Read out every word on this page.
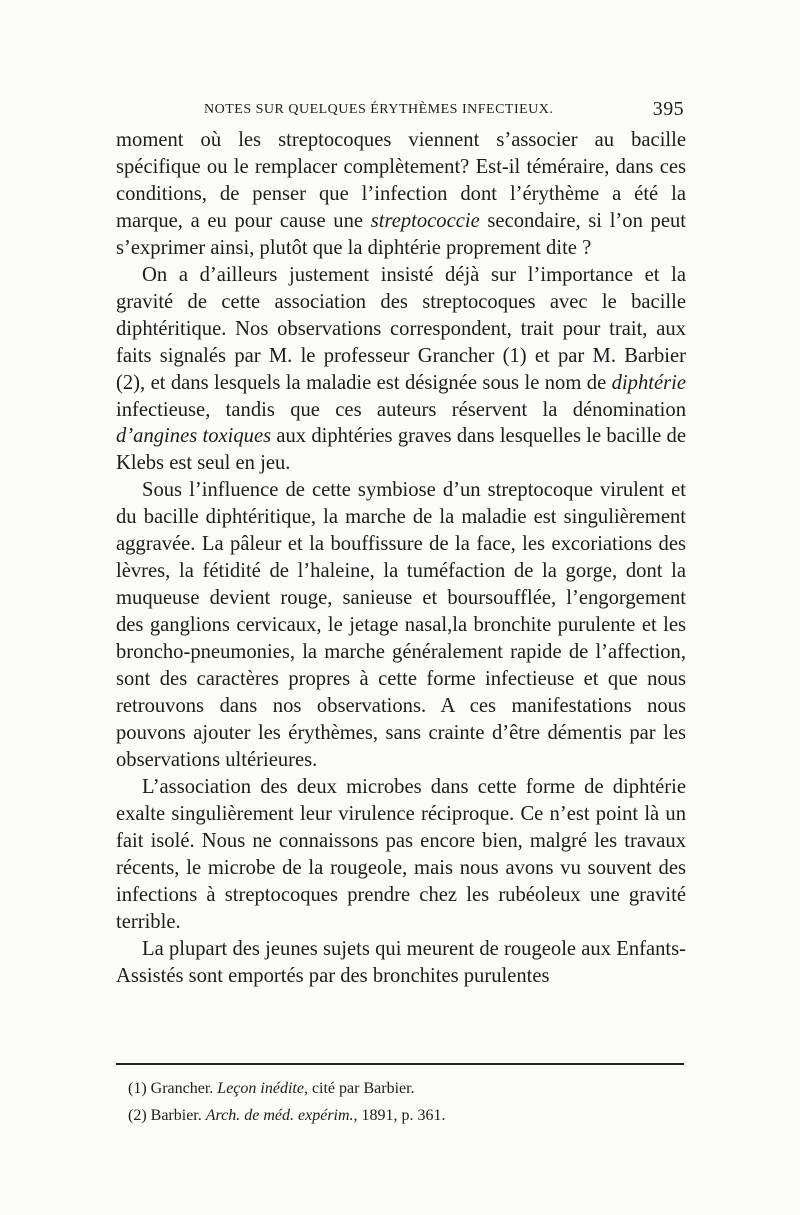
NOTES SUR QUELQUES ÉRYTHÈMES INFECTIEUX.	395

moment où les streptocoques viennent s’associer au bacille spécifique ou le remplacer complètement? Est-il téméraire, dans ces conditions, de penser que l’infection dont l’érythème a été la marque, a eu pour cause une streptococcie secondaire, si l’on peut s’exprimer ainsi, plutôt que la diphtérie proprement dite ?

On a d’ailleurs justement insisté déjà sur l’importance et la gravité de cette association des streptocoques avec le bacille diphtéritique. Nos observations correspondent, trait pour trait, aux faits signalés par M. le professeur Grancher (1) et par M. Barbier (2), et dans lesquels la maladie est désignée sous le nom de diphtérie infectieuse, tandis que ces auteurs réservent la dénomination d’angines toxiques aux diphtéries graves dans lesquelles le bacille de Klebs est seul en jeu.

Sous l’influence de cette symbiose d’un streptocoque virulent et du bacille diphtéritique, la marche de la maladie est singulièrement aggravée. La pâleur et la bouffissure de la face, les excoriations des lèvres, la fétidité de l’haleine, la tuméfaction de la gorge, dont la muqueuse devient rouge, sanieuse et boursoufflée, l’engorgement des ganglions cervicaux, le jetage nasal,la bronchite purulente et les broncho-pneumonies, la marche généralement rapide de l’affection, sont des caractères propres à cette forme infectieuse et que nous retrouvons dans nos observations. A ces manifestations nous pouvons ajouter les érythèmes, sans crainte d’être démentis par les observations ultérieures.

L’association des deux microbes dans cette forme de diphtérie exalte singulièrement leur virulence réciproque. Ce n’est point là un fait isolé. Nous ne connaissons pas encore bien, malgré les travaux récents, le microbe de la rougeole, mais nous avons vu souvent des infections à streptocoques prendre chez les rubéoleux une gravité terrible.

La plupart des jeunes sujets qui meurent de rougeole aux Enfants-Assistés sont emportés par des bronchites purulentes

(1) Grancher. Leçon inédite, cité par Barbier.
(2) Barbier. Arch. de méd. expérim., 1891, p. 361.
